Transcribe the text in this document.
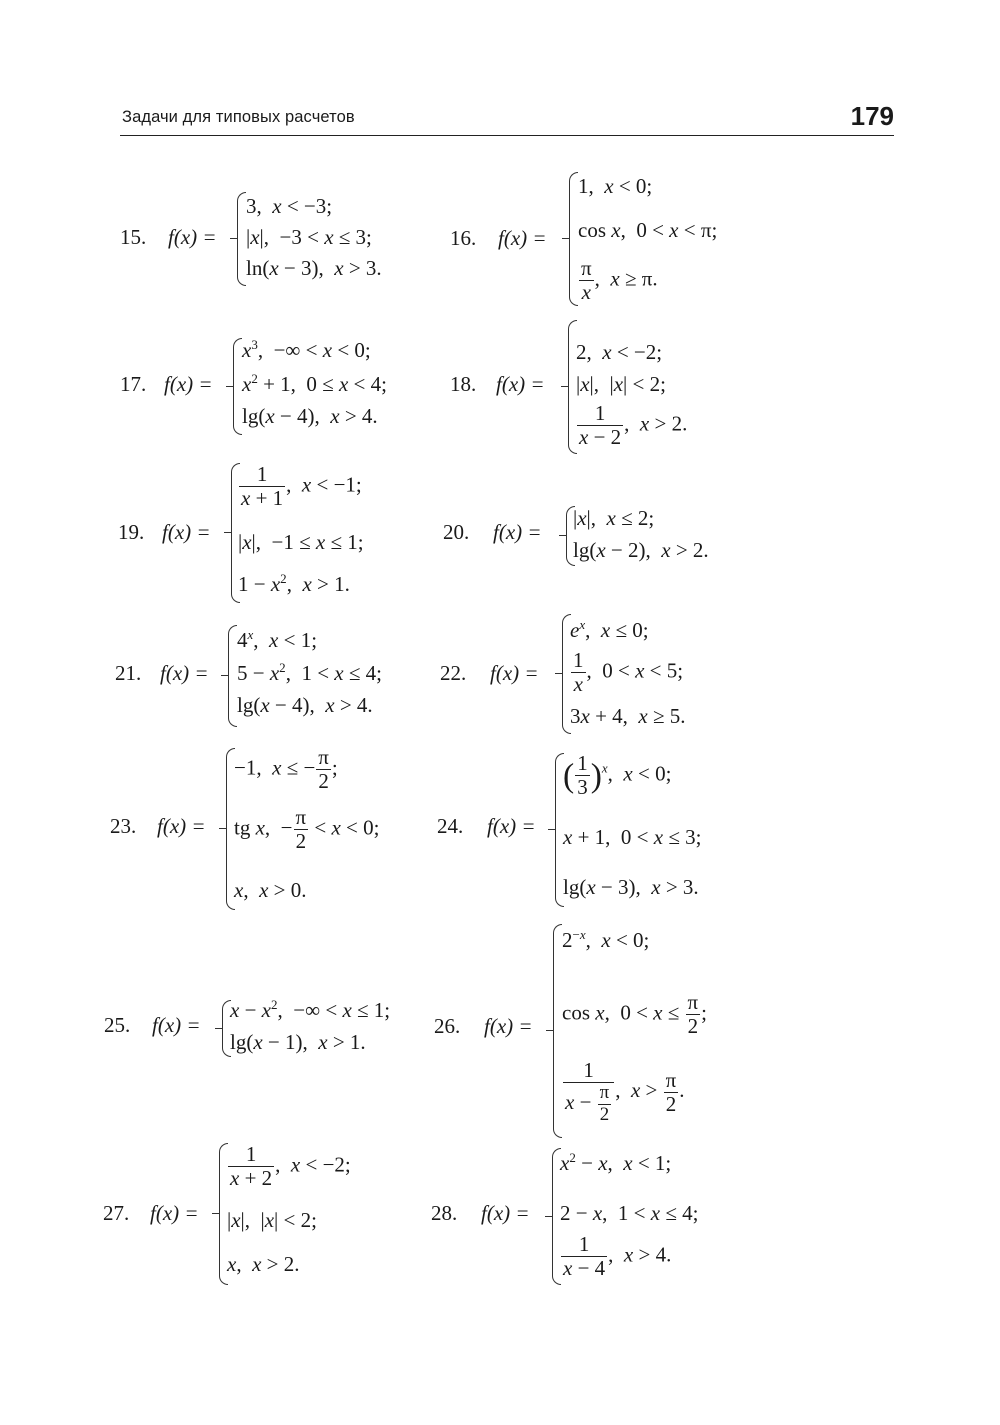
Задачи для типовых расчетов	179
15. f(x) =
3,  x < −3;
|x|,  −3 < x ≤ 3;
ln(x − 3),  x > 3.
16. f(x) =
1,  x < 0;
cos x,  0 < x < π;
$\frac{\pi}{x}$ ,  x ≥ π.
17. f(x) =
$x^3$,  −∞ < x < 0;
$x^2 + 1$,  0 ≤ x < 4;
lg(x − 4),  x > 4.
18. f(x) =
2,  x < −2;
|x|,  |x| < 2;
$\frac{1}{x - 2}$ ,  x > 2.
19. f(x) =
$\frac{1}{x + 1}$ ,  x < −1;
|x|,  −1 ≤ x ≤ 1;
$1 - x^2$,  x > 1.
20. f(x) =
|x|,  x ≤ 2;
lg(x − 2),  x > 2.
21. f(x) =
$4^x$,  x < 1;
$5 - x^2$,  1 < x ≤ 4;
lg(x − 4),  x > 4.
22. f(x) =
$e^x$,  x ≤ 0;
$\frac{1}{x}$ ,  0 < x < 5;
3x + 4,  x ≥ 5.
23. f(x) =
−1,  x ≤ − $\frac{\pi}{2}$ ;
tg x,  − $\frac{\pi}{2} < x < 0$;
x,  x > 0.
24. f(x) =
( $\frac{1}{3} )^x$,  x < 0;
x + 1,  0 < x ≤ 3;
lg(x − 3),  x > 3.
25. f(x) =
$x - x^2$,  −∞ < x ≤ 1;
lg(x − 1),  x > 1.
26. f(x) =
$2^{-x}$,  x < 0;
cos x,  $0 < x \le \frac{\pi}{2}$ ;
$\frac{1}{x - \frac{\pi}{2}}$ ,  $x > \frac{\pi}{2}$ .
27. f(x) =
$\frac{1}{x + 2}$ ,  x < −2;
|x|,  |x| < 2;
x,  x > 2.
28. f(x) =
$x^2 - x$,  x < 1;
2 − x,  1 < x ≤ 4;
$\frac{1}{x - 4}$ ,  x > 4.
